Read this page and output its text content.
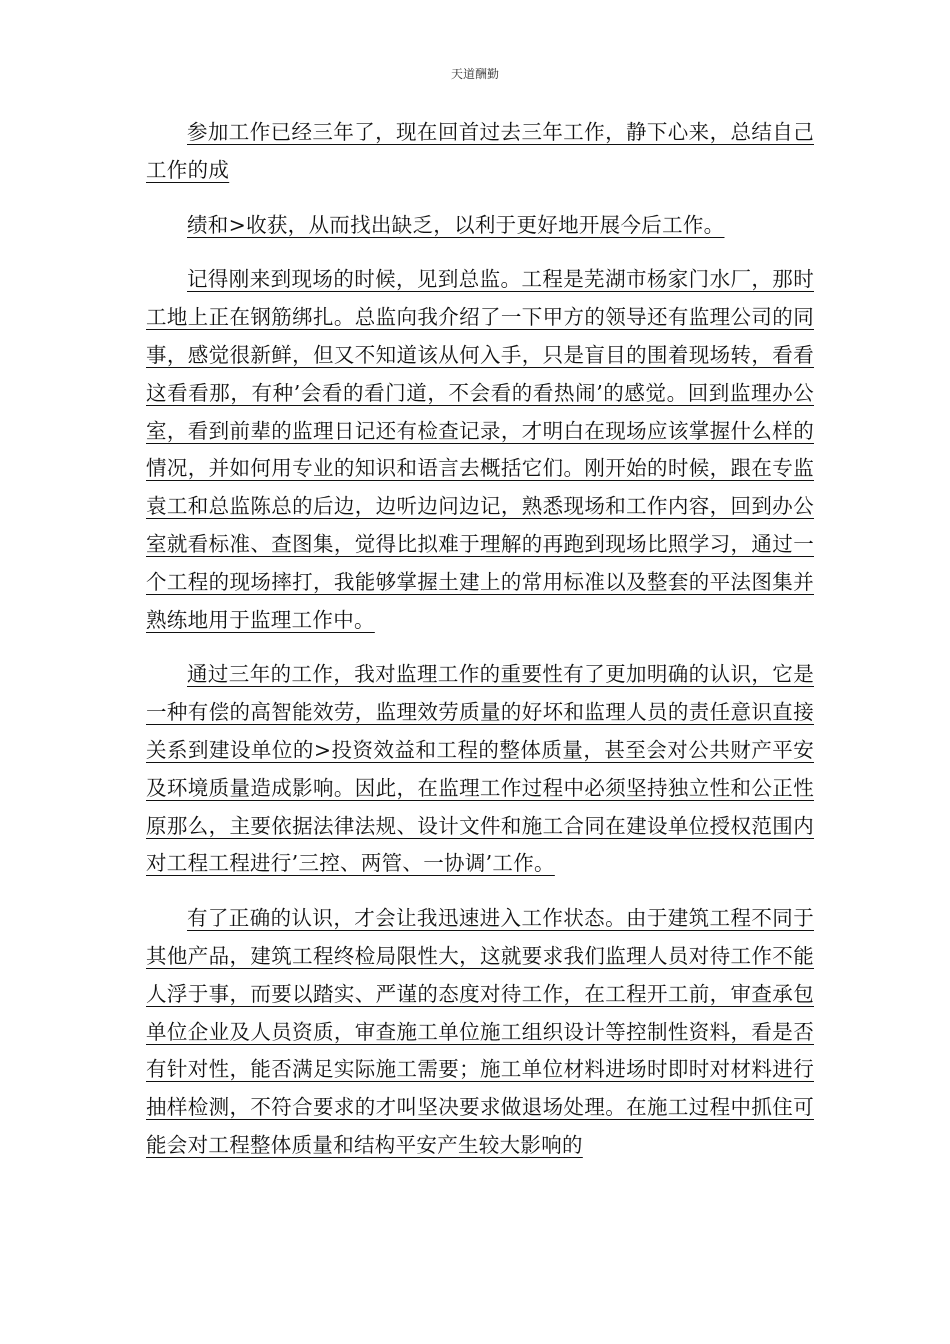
天道酬勤

参加工作已经三年了，现在回首过去三年工作，静下心来，总结自己工作的成

绩和>收获，从而找出缺乏，以利于更好地开展今后工作。

记得刚来到现场的时候，见到总监。工程是芜湖市杨家门水厂，那时工地上正在钢筋绑扎。总监向我介绍了一下甲方的领导还有监理公司的同事，感觉很新鲜，但又不知道该从何入手，只是盲目的围着现场转，看看这看看那，有种’会看的看门道，不会看的看热闹’的感觉。回到监理办公室，看到前辈的监理日记还有检查记录，才明白在现场应该掌握什么样的情况，并如何用专业的知识和语言去概括它们。刚开始的时候，跟在专监袁工和总监陈总的后边，边听边问边记，熟悉现场和工作内容，回到办公室就看标准、查图集，觉得比拟难于理解的再跑到现场比照学习，通过一个工程的现场摔打，我能够掌握土建上的常用标准以及整套的平法图集并熟练地用于监理工作中。

通过三年的工作，我对监理工作的重要性有了更加明确的认识，它是一种有偿的高智能效劳，监理效劳质量的好坏和监理人员的责任意识直接关系到建设单位的>投资效益和工程的整体质量，甚至会对公共财产平安及环境质量造成影响。因此，在监理工作过程中必须坚持独立性和公正性原那么，主要依据法律法规、设计文件和施工合同在建设单位授权范围内对工程工程进行’三控、两管、一协调’工作。

有了正确的认识，才会让我迅速进入工作状态。由于建筑工程不同于其他产品，建筑工程终检局限性大，这就要求我们监理人员对待工作不能人浮于事，而要以踏实、严谨的态度对待工作，在工程开工前，审查承包单位企业及人员资质，审查施工单位施工组织设计等控制性资料，看是否有针对性，能否满足实际施工需要；施工单位材料进场时即时对材料进行抽样检测，不符合要求的才叫坚决要求做退场处理。在施工过程中抓住可能会对工程整体质量和结构平安产生较大影响的
